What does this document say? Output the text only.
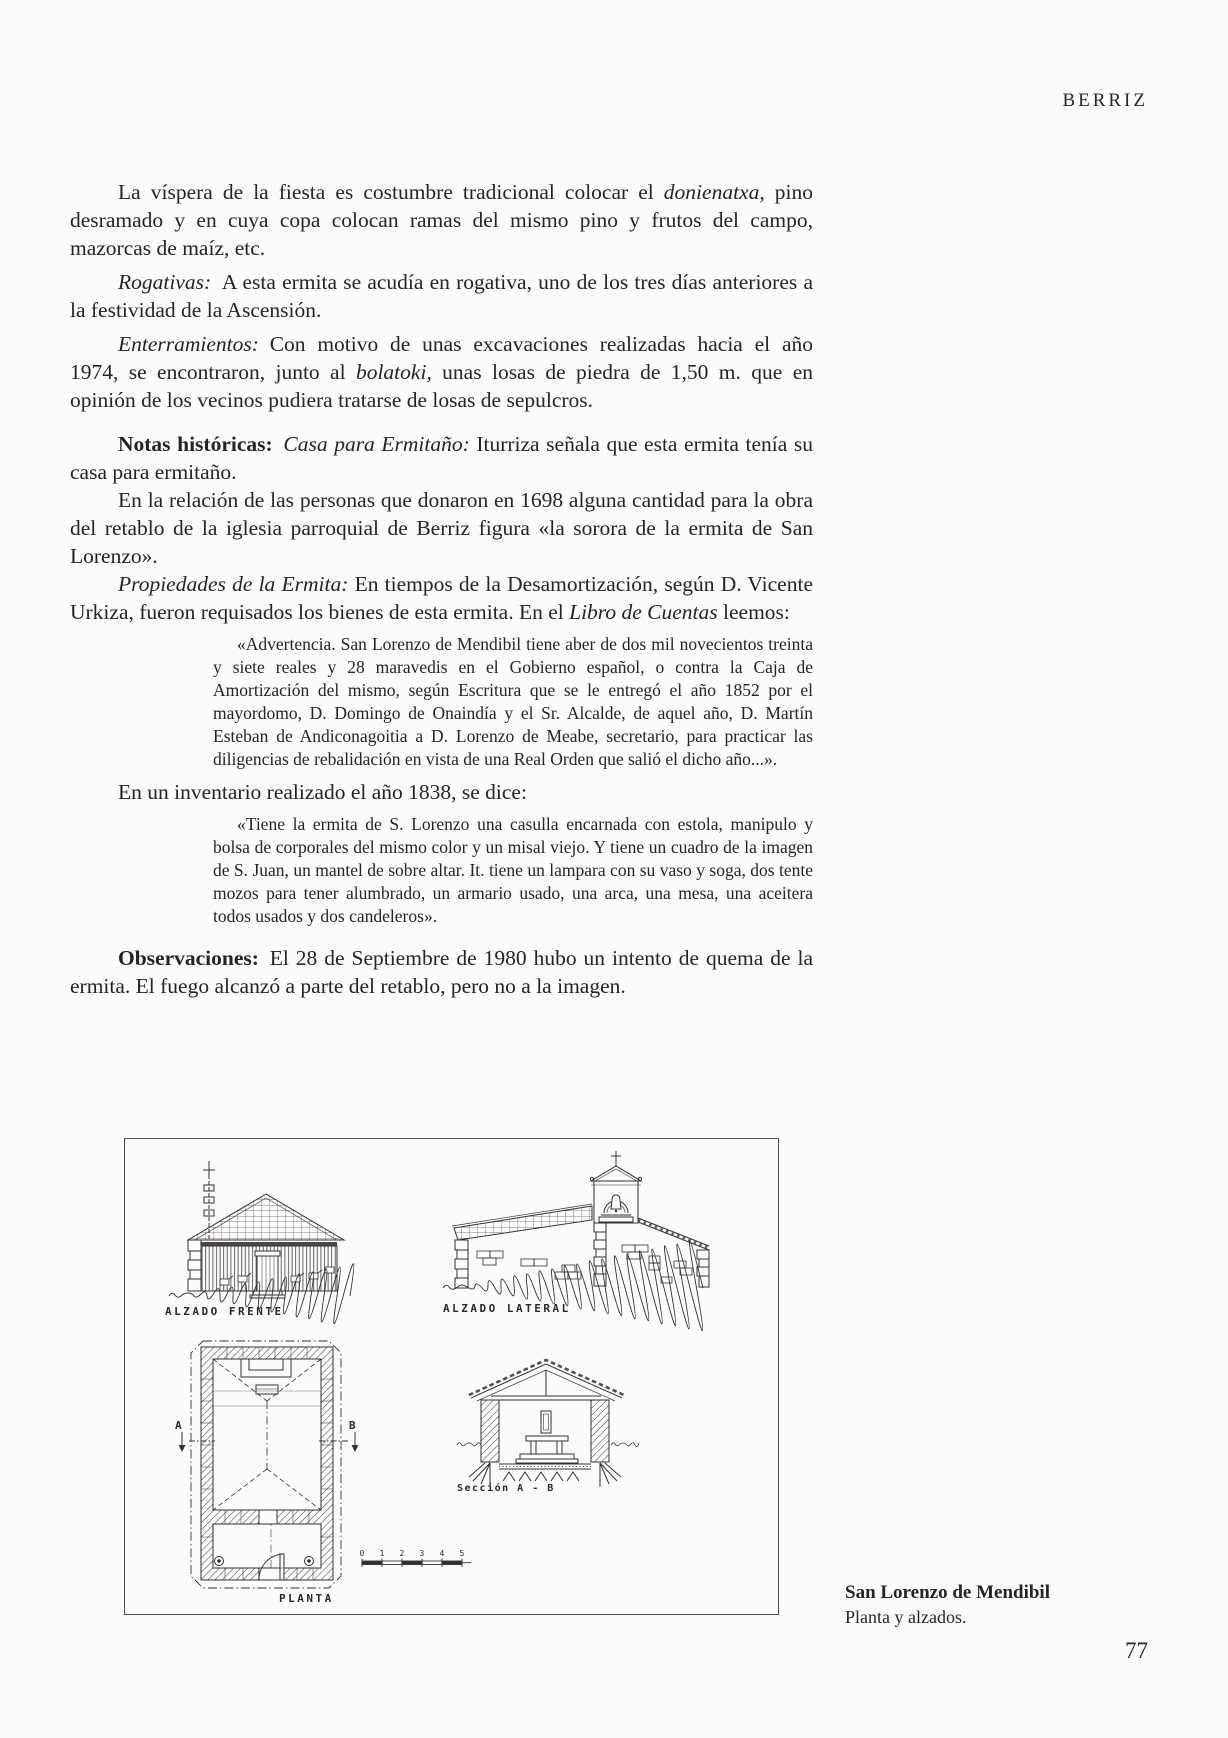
BERRIZ

La víspera de la fiesta es costumbre tradicional colocar el donienatxa, pino desramado y en cuya copa colocan ramas del mismo pino y frutos del campo, mazorcas de maíz, etc.

Rogativas: A esta ermita se acudía en rogativa, uno de los tres días anteriores a la festividad de la Ascensión.

Enterramientos: Con motivo de unas excavaciones realizadas hacia el año 1974, se encontraron, junto al bolatoki, unas losas de piedra de 1,50 m. que en opinión de los vecinos pudiera tratarse de losas de sepulcros.

Notas históricas:  Casa para Ermitaño: Iturriza señala que esta ermita tenía su casa para ermitaño.

En la relación de las personas que donaron en 1698 alguna cantidad para la obra del retablo de la iglesia parroquial de Berriz figura «la sorora de la ermita de San Lorenzo».

Propiedades de la Ermita: En tiempos de la Desamortización, según D. Vicente Urkiza, fueron requisados los bienes de esta ermita. En el Libro de Cuentas leemos:

«Advertencia. San Lorenzo de Mendibil tiene aber de dos mil novecientos treinta y siete reales y 28 maravedis en el Gobierno español, o contra la Caja de Amortización del mismo, según Escritura que se le entregó el año 1852 por el mayordomo, D. Domingo de Onaindía y el Sr. Alcalde, de aquel año, D. Martín Esteban de Andiconagoitia a D. Lorenzo de Meabe, secretario, para practicar las diligencias de rebalidación en vista de una Real Orden que salió el dicho año...».

En un inventario realizado el año 1838, se dice:

«Tiene la ermita de S. Lorenzo una casulla encarnada con estola, manipulo y bolsa de corporales del mismo color y un misal viejo. Y tiene un cuadro de la imagen de S. Juan, un mantel de sobre altar. It. tiene un lampara con su vaso y soga, dos tente mozos para tener alumbrado, un armario usado, una arca, una mesa, una aceitera todos usados y dos candeleros».

Observaciones: El 28 de Septiembre de 1980 hubo un intento de quema de la ermita. El fuego alcanzó a parte del retablo, pero no a la imagen.

ALZADO FRENTE	ALZADO LATERAL
A	B
PLANTA
Sección A - B
0 1 2 3 4 5

San Lorenzo de Mendibil

Planta y alzados.

77
